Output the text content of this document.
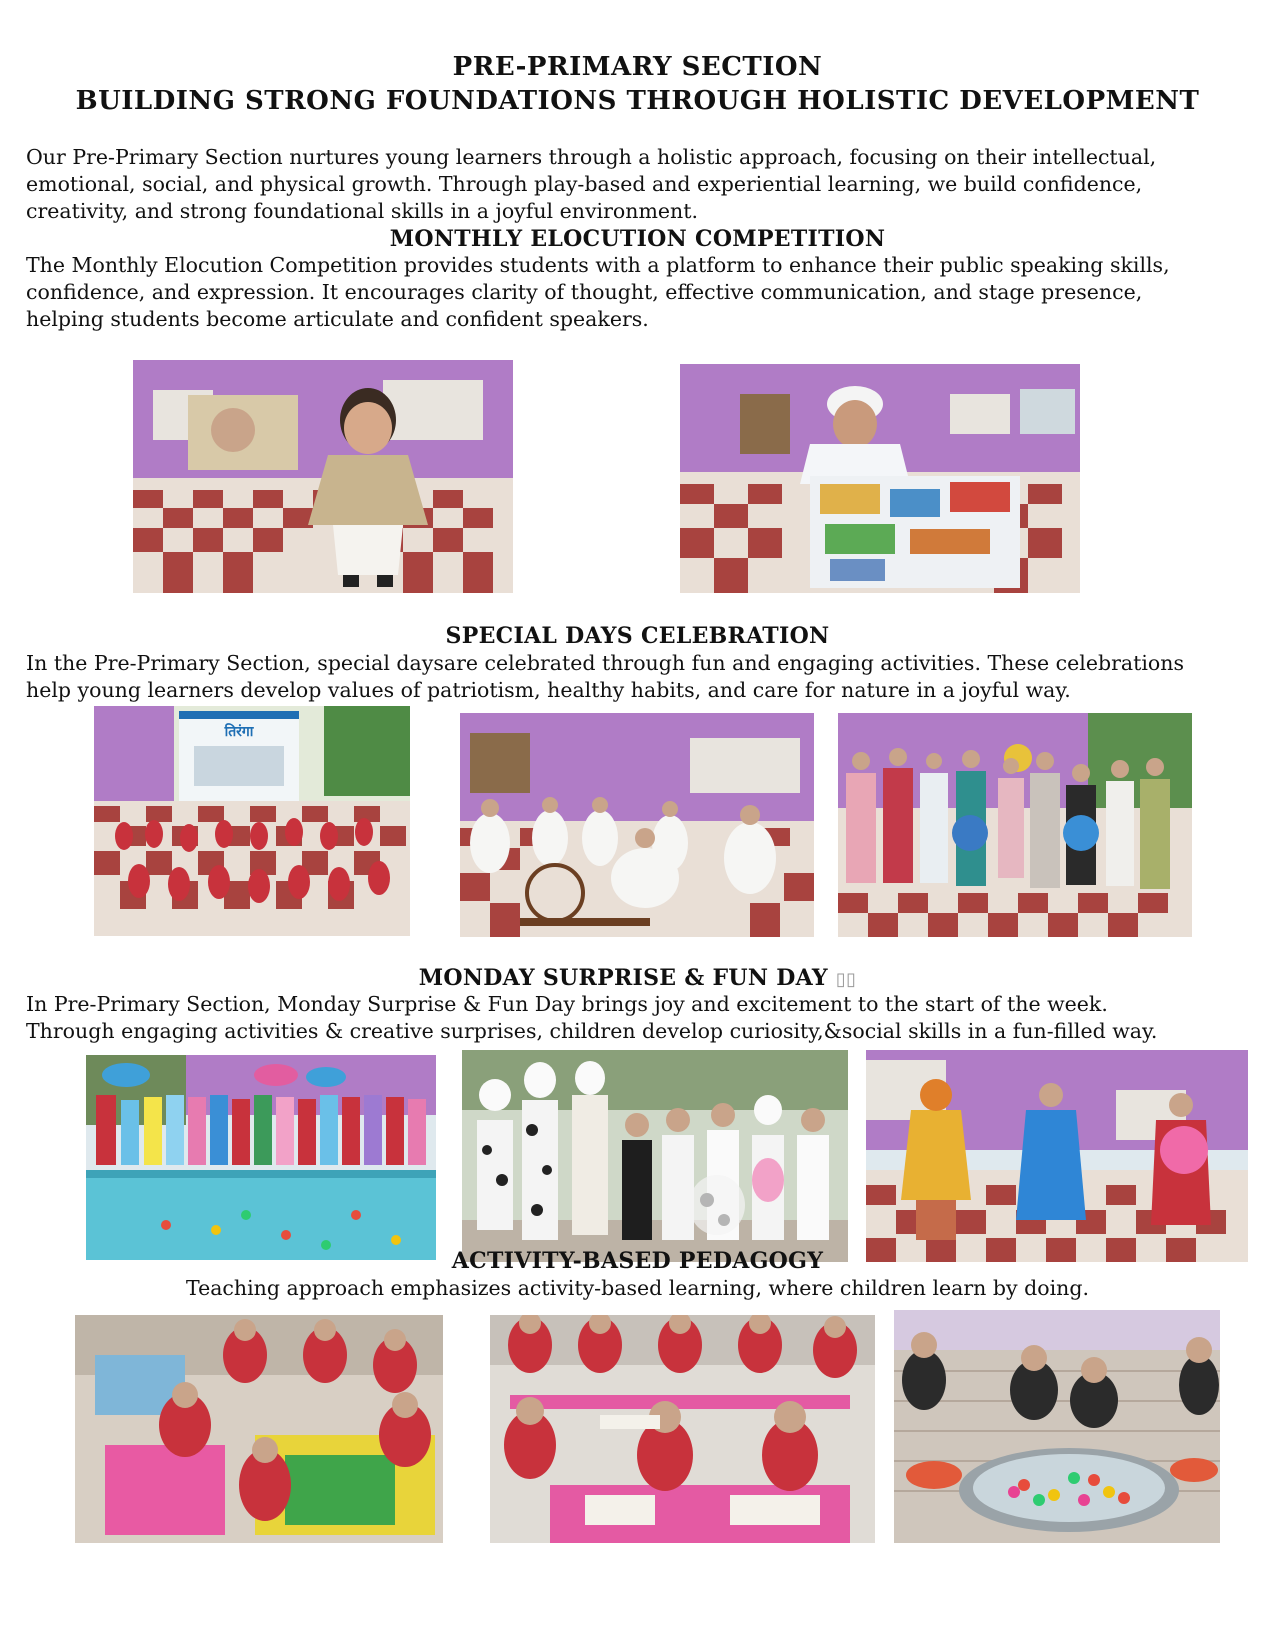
PRE-PRIMARY SECTION
BUILDING STRONG FOUNDATIONS THROUGH HOLISTIC DEVELOPMENT
Our Pre-Primary Section nurtures young learners through a holistic approach, focusing on their intellectual,
emotional, social, and physical growth. Through play-based and experiential learning, we build confidence,
creativity, and strong foundational skills in a joyful environment.
MONTHLY ELOCUTION COMPETITION
The Monthly Elocution Competition provides students with a platform to enhance their public speaking skills,
confidence, and expression. It encourages clarity of thought, effective communication, and stage presence,
helping students become articulate and confident speakers.
SPECIAL DAYS CELEBRATION
In the Pre-Primary Section, special daysare celebrated through fun and engaging activities. These celebrations
help young learners develop values of patriotism, healthy habits, and care for nature in a joyful way.
तिरंगा
MONDAY SURPRISE & FUN DAY ▯▯
In Pre-Primary Section, Monday Surprise & Fun Day brings joy and excitement to the start of the week.
Through engaging activities & creative surprises, children develop curiosity,&social skills in a fun-filled way.
ACTIVITY-BASED PEDAGOGY
Teaching approach emphasizes activity-based learning, where children learn by doing.
